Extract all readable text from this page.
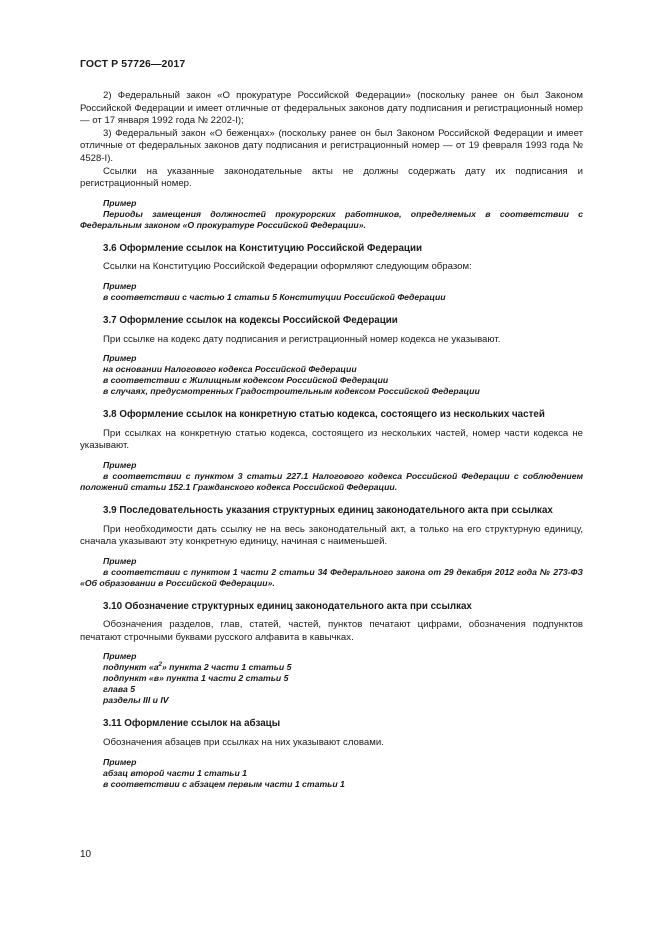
ГОСТ Р 57726—2017

2) Федеральный закон «О прокуратуре Российской Федерации» (поскольку ранее он был Законом Российской Федерации и имеет отличные от федеральных законов дату подписания и регистрационный номер — от 17 января 1992 года № 2202-I);

3) Федеральный закон «О беженцах» (поскольку ранее он был Законом Российской Федерации и имеет отличные от федеральных законов дату подписания и регистрационный номер — от 19 февраля 1993 года № 4528-I).

Ссылки на указанные законодательные акты не должны содержать дату их подписания и регистрационный номер.

Пример
Периоды замещения должностей прокурорских работников, определяемых в соответствии с Федеральным законом «О прокуратуре Российской Федерации».
3.6 Оформление ссылок на Конституцию Российской Федерации

Ссылки на Конституцию Российской Федерации оформляют следующим образом:

Пример
в соответствии с частью 1 статьи 5 Конституции Российской Федерации
3.7 Оформление ссылок на кодексы Российской Федерации

При ссылке на кодекс дату подписания и регистрационный номер кодекса не указывают.

Пример
на основании Налогового кодекса Российской Федерации
в соответствии с Жилищным кодексом Российской Федерации
в случаях, предусмотренных Градостроительным кодексом Российской Федерации
3.8 Оформление ссылок на конкретную статью кодекса, состоящего из нескольких частей

При ссылках на конкретную статью кодекса, состоящего из нескольких частей, номер части кодекса не указывают.

Пример
в соответствии с пунктом 3 статьи 227.1 Налогового кодекса Российской Федерации с соблюдением положений статьи 152.1 Гражданского кодекса Российской Федерации.
3.9 Последовательность указания структурных единиц законодательного акта при ссылках

При необходимости дать ссылку не на весь законодательный акт, а только на его структурную единицу, сначала указывают эту конкретную единицу, начиная с наименьшей.

Пример
в соответствии с пунктом 1 части 2 статьи 34 Федерального закона от 29 декабря 2012 года № 273-ФЗ «Об образовании в Российской Федерации».
3.10 Обозначение структурных единиц законодательного акта при ссылках

Обозначения разделов, глав, статей, частей, пунктов печатают цифрами, обозначения подпунктов печатают строчными буквами русского алфавита в кавычках.

Пример
подпункт «$а^2$» пункта 2 части 1 статьи 5
подпункт «в» пункта 1 части 2 статьи 5
глава 5
разделы III и IV
3.11 Оформление ссылок на абзацы

Обозначения абзацев при ссылках на них указывают словами.

Пример
абзац второй части 1 статьи 1
в соответствии с абзацем первым части 1 статьи 1
10
